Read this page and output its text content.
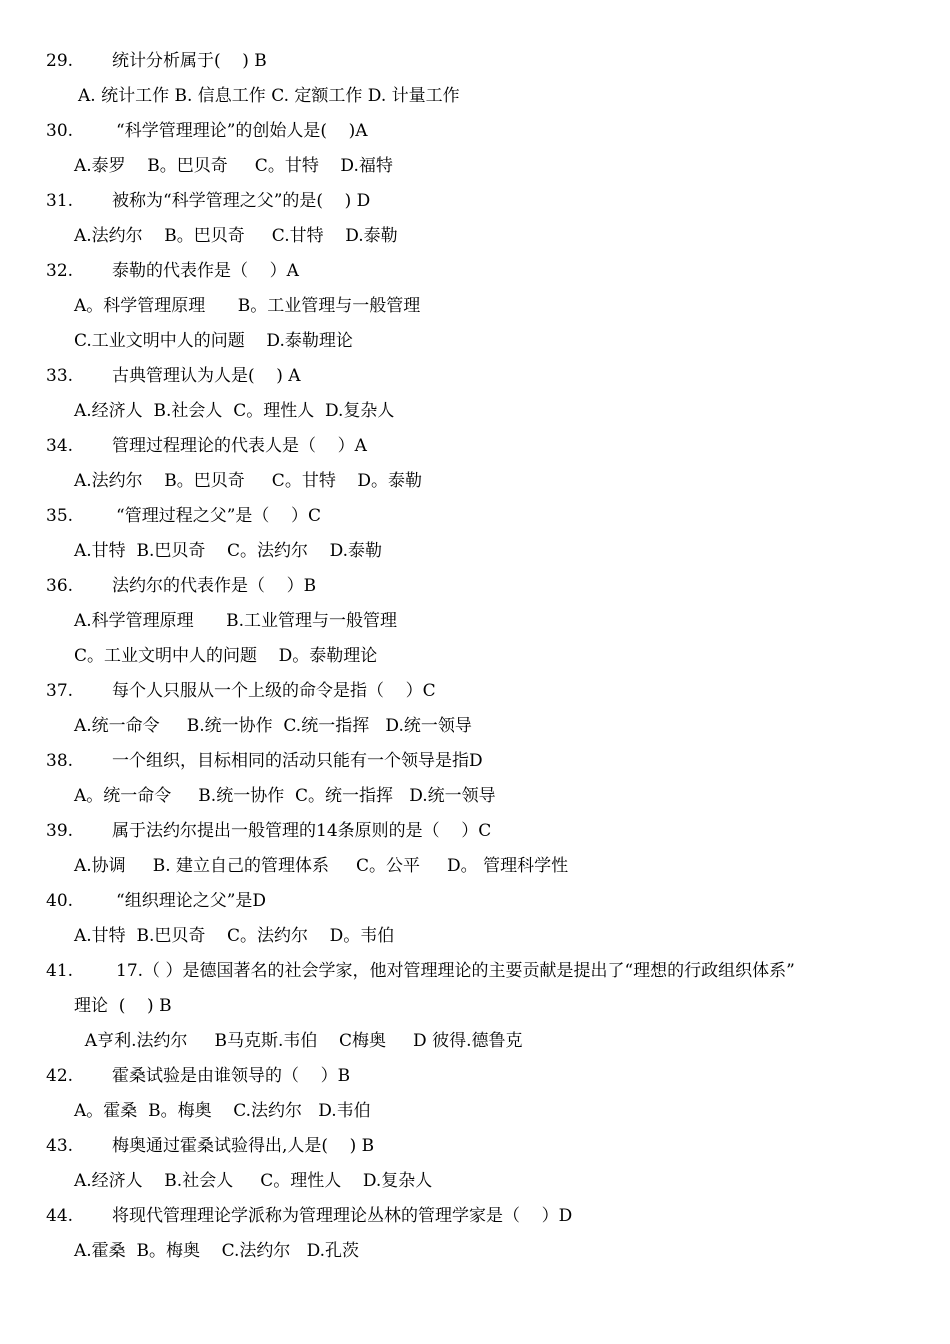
29. 统计分析属于(    ) B
A. 统计工作 B. 信息工作 C. 定额工作 D. 计量工作
30.	“科学管理理论”的创始人是(    )A
A.泰罗    B。巴贝奇     C。甘特    D.福特
31. 被称为“科学管理之父”的是(    ) D
A.法约尔    B。巴贝奇     C.甘特    D.泰勒
32. 泰勒的代表作是（    ）A
A。科学管理原理      B。工业管理与一般管理
C.工业文明中人的问题    D.泰勒理论
33. 古典管理认为人是(    ) A
A.经济人  B.社会人  C。理性人  D.复杂人
34. 管理过程理论的代表人是（    ）A
A.法约尔    B。巴贝奇     C。甘特    D。泰勒
35.	“管理过程之父”是（    ）C
A.甘特  B.巴贝奇    C。法约尔    D.泰勒
36. 法约尔的代表作是（    ）B
A.科学管理原理      B.工业管理与一般管理
C。工业文明中人的问题    D。泰勒理论
37. 每个人只服从一个上级的命令是指（    ）C
A.统一命令     B.统一协作  C.统一指挥   D.统一领导
38. 一个组织，目标相同的活动只能有一个领导是指D
A。统一命令     B.统一协作  C。统一指挥   D.统一领导
39. 属于法约尔提出一般管理的14条原则的是（    ）C
A.协调     B. 建立自己的管理体系     C。公平     D。 管理科学性
40.	“组织理论之父”是D
A.甘特  B.巴贝奇    C。法约尔    D。韦伯
41.	17.（ ）是德国著名的社会学家，他对管理理论的主要贡献是提出了“理想的行政组织体系”
理论  (    ) B
A亨利.法约尔     B马克斯.韦伯    C梅奥     D 彼得.德鲁克
42. 霍桑试验是由谁领导的（    ）B
A。霍桑  B。梅奥    C.法约尔   D.韦伯
43. 梅奥通过霍桑试验得出,人是(    ) B
A.经济人    B.社会人     C。理性人    D.复杂人
44. 将现代管理理论学派称为管理理论丛林的管理学家是（    ）D
A.霍桑  B。梅奥    C.法约尔   D.孔茨
